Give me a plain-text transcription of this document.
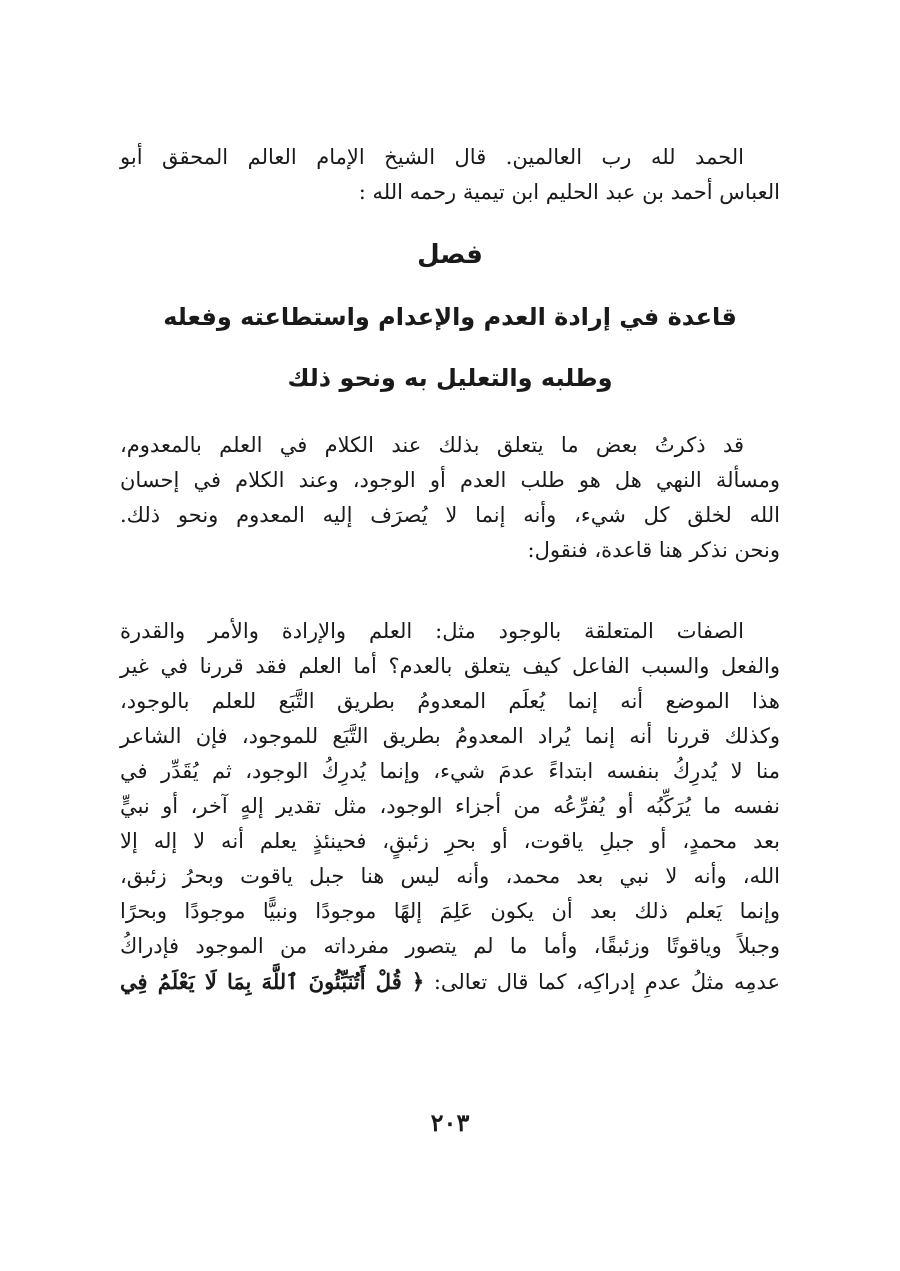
الحمد لله رب العالمين. قال الشيخ الإمام العالم المحقق أبو
العباس أحمد بن عبد الحليم ابن تيمية رحمه الله :
فصل
قاعدة في إرادة العدم والإعدام واستطاعته وفعله
وطلبه والتعليل به ونحو ذلك
قد ذكرتُ بعض ما يتعلق بذلك عند الكلام في العلم بالمعدوم،
ومسألة النهي هل هو طلب العدم أو الوجود، وعند الكلام في إحسان
الله لخلق كل شيء، وأنه إنما لا يُصرَف إليه المعدوم ونحو ذلك.
ونحن نذكر هنا قاعدة، فنقول:
الصفات المتعلقة بالوجود مثل: العلم والإرادة والأمر والقدرة
والفعل والسبب الفاعل كيف يتعلق بالعدم؟ أما العلم فقد قررنا في غير
هذا الموضع أنه إنما يُعلَم المعدومُ بطريق التَّبَع للعلم بالوجود،
وكذلك قررنا أنه إنما يُراد المعدومُ بطريق التَّبَع للموجود، فإن الشاعر
منا لا يُدرِكُ بنفسه ابتداءً عدمَ شيء، وإنما يُدرِكُ الوجود، ثم يُقَدِّر في
نفسه ما يُرَكِّبُه أو يُفرِّعُه من أجزاء الوجود، مثل تقدير إلهٍ آخر، أو نبيٍّ
بعد محمدٍ، أو جبلِ ياقوت، أو بحرِ زئبقٍ، فحينئذٍ يعلم أنه لا إله إلا
الله، وأنه لا نبي بعد محمد، وأنه ليس هنا جبل ياقوت وبحرُ زئبق،
وإنما يَعلم ذلك بعد أن يكون عَلِمَ إلهًا موجودًا ونبيًّا موجودًا وبحرًا
وجبلاً وياقوتًا وزئبقًا، وأما ما لم يتصور مفرداته من الموجود فإدراكُ
عدمِه مثلُ عدمِ إدراكِه، كما قال تعالى: ﴿ قُلْ أَتُنَبِّئُونَ ٱللَّهَ بِمَا لَا يَعْلَمُ فِي
٢٠٣
